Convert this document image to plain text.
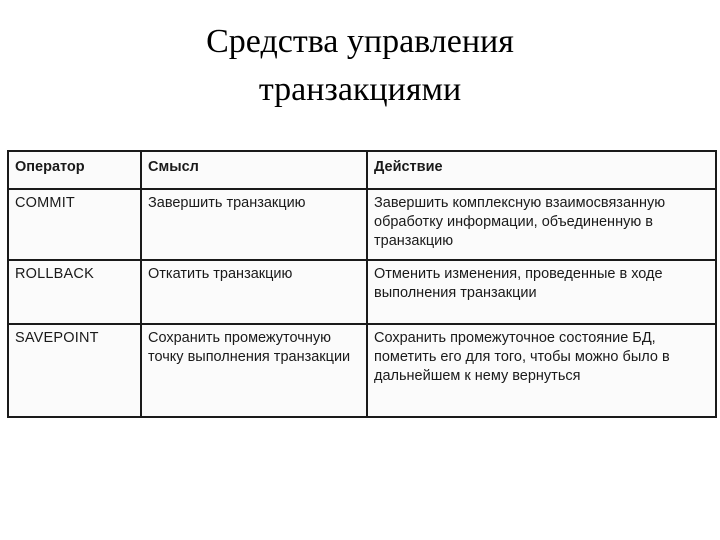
Средства управления
транзакциями
Оператор	Смысл	Действие
COMMIT	Завершить транзакцию	Завершить комплексную взаимосвязанную обработку информации, объединенную в транзакцию
ROLLBACK	Откатить транзакцию	Отменить изменения, проведенные в ходе выполнения транзакции
SAVEPOINT	Сохранить промежуточную точку выполнения транзакции	Сохранить промежуточное состояние БД, пометить его для того, чтобы можно было в дальнейшем к нему вернуться
